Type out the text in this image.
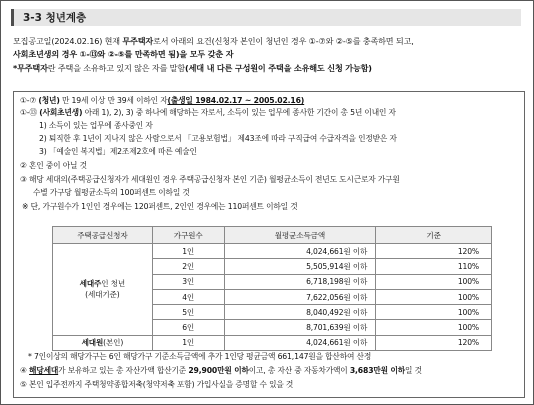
3-3 청년계층
모집공고일(2024.02.16) 현재 무주택자로서 아래의 요건(신청자 본인이 청년인 경우 ①-⑦와 ②-⑤를 충족하면 되고,
사회초년생의 경우 ①-⑬와 ②-⑤를 만족하면 됨)을 모두 갖춘 자
*무주택자란 주택을 소유하고 있지 않은 자를 말함(세대 내 다른 구성원이 주택을 소유해도 신청 가능함)
①-⑦ (청년) 만 19세 이상 만 39세 이하인 자(출생일 1984.02.17 ~ 2005.02.16)
①-⑬ (사회초년생) 아래 1), 2), 3) 중 하나에 해당하는 자로서, 소득이 있는 업무에 종사한 기간이 총 5년 이내인 자
1) 소득이 있는 업무에 종사중인 자
2) 퇴직한 후 1년이 지나지 않은 사람으로서 「고용보험법」 제43조에 따라 구직급여 수급자격을 인정받은 자
3) 「예술인 복지법」제2조제2호에 따른 예술인
② 혼인 중이 아닐 것
③ 해당 세대의(주택공급신청자가 세대원인 경우 주택공급신청자 본인 기준) 월평균소득이 전년도 도시근로자 가구원
수별 가구당 월평균소득의 100퍼센트 이하일 것
※ 단, 가구원수가 1인인 경우에는 120퍼센트, 2인인 경우에는 110퍼센트 이하일 것
주택공급신청자	가구원수	월평균소득금액	기준
세대주인 청년
(세대기준)	1인	4,024,661원 이하	120%
	2인	5,505,914원 이하	110%
	3인	6,718,198원 이하	100%
	4인	7,622,056원 이하	100%
	5인	8,040,492원 이하	100%
	6인	8,701,639원 이하	100%
세대원(본인)	1인	4,024,661원 이하	120%
* 7인이상의 해당가구는 6인 해당가구 기준소득금액에 추가 1인당 평균금액 661,147원을 합산하여 산정
④ 해당세대가 보유하고 있는 총 자산가액 합산기준 29,900만원 이하이고, 총 자산 중 자동차가액이 3,683만원 이하일 것
⑤ 본인 입주전까지 주택청약종합저축(청약저축 포함) 가입사실을 증명할 수 있을 것
